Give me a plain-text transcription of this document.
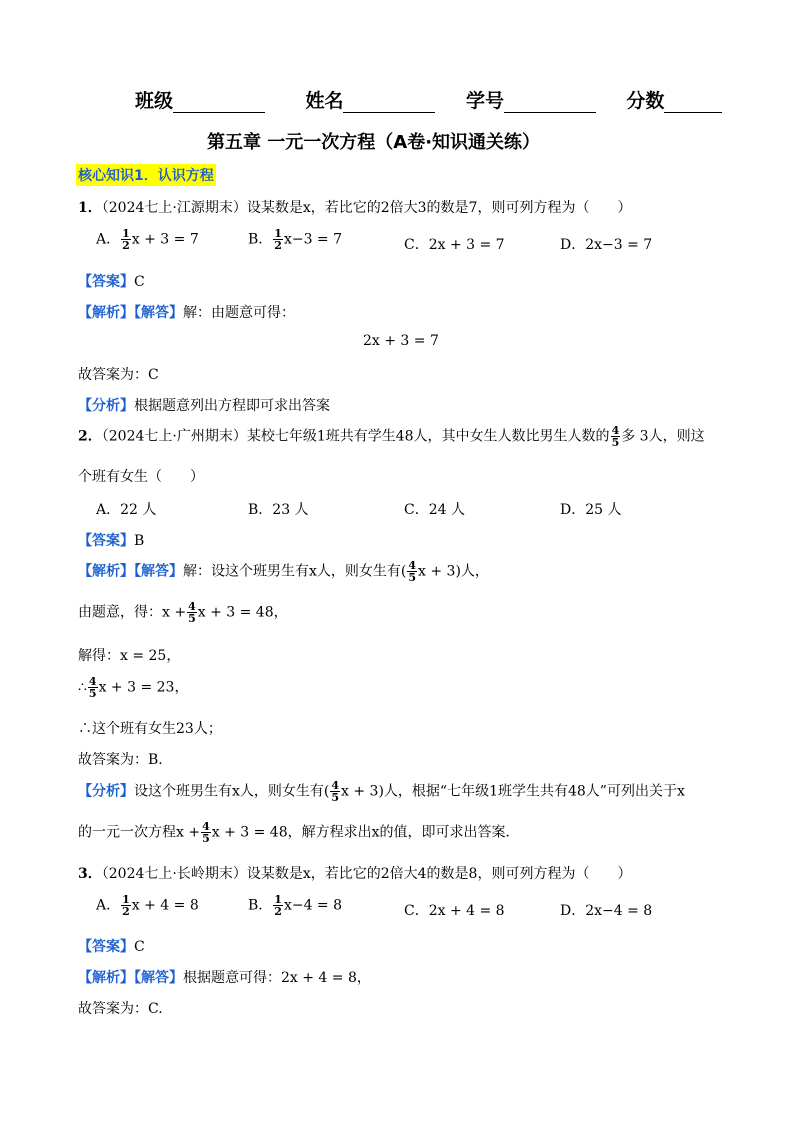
班级	姓名	学号	分数
第五章 一元一次方程（A卷·知识通关练）
核心知识1．认识方程
1．（2024七上·江源期末）设某数是x，若比它的2倍大3的数是7，则可列方程为（　　）
A． $\frac{1}{2}$ x + 3 = 7	B． $\frac{1}{2} x-3 = 7$	C．2x + 3 = 7	D．2x−3 = 7
【答案】C
【解析】【解答】解：由题意可得：
2x + 3 = 7
故答案为：C
【分析】根据题意列出方程即可求出答案
2．（2024七上·广州期末）某校七年级1班共有学生48人，其中女生人数比男生人数的 $\frac{4}{5}$ 多 3人，则这
个班有女生（　　）
A．22 人	B．23 人	C．24 人	D．25 人
【答案】B
【解析】【解答】解：设这个班男生有x人，则女生有( $\frac{4}{5}$ x + 3)人，
由题意，得：$x + \frac{4}{5}$ x + 3 = 48，
解得：x = 25，
∴ $\frac{4}{5}$ x + 3 = 23，
∴这个班有女生23人；
故答案为：B．
【分析】设这个班男生有x人，则女生有( $\frac{4}{5}$ x + 3)人，根据“七年级1班学生共有48人”可列出关于x
的一元一次方程$x + \frac{4}{5}$ x + 3 = 48，解方程求出x的值，即可求出答案．
3．（2024七上·长岭期末）设某数是x，若比它的2倍大4的数是8，则可列方程为（　　）
A． $\frac{1}{2}$ x + 4 = 8	B． $\frac{1}{2} x-4 = 8$	C．2x + 4 = 8	D．2x−4 = 8
【答案】C
【解析】【解答】根据题意可得：2x + 4 = 8，
故答案为：C.
